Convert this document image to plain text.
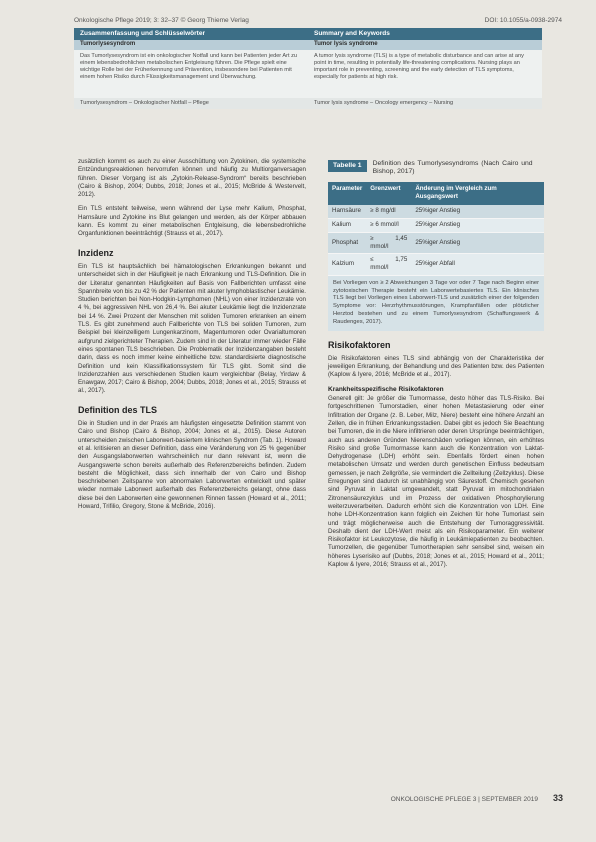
Onkologische Pflege 2019; 3: 32–37 © Georg Thieme Verlag	DOI: 10.1055/a-0938-2974
Zusammenfassung und Schlüsselwörter	Summary and Keywords
Tumorlysesyndrom	Tumor lysis syndrome
Das Tumorlysesyndrom ist ein onkologischer Notfall und kann bei Patienten jeder Art zu einem lebensbedrohlichen metabolischen Entgleisung führen. Die Pflege spielt eine wichtige Rolle bei der Früherkennung und Prävention, insbesondere bei Patienten mit einem hohen Risiko durch Flüssigkeitsmanagement und Überwachung.
A tumor lysis syndrome (TLS) is a type of metabolic disturbance and can arise at any point in time, resulting in potentially life-threatening complications. Nursing plays an important role in preventing, screening and the early detection of TLS symptoms, especially for patients at high risk.
Tumorlysesyndrom – Onkologischer Notfall – Pflege	Tumor lysis syndrome – Oncology emergency – Nursing

zusätzlich kommt es auch zu einer Ausschüttung von Zytokinen, die systemische Entzündungsreaktionen hervorrufen können und häufig zu Multiorganversagen führen. Dieser Vorgang ist als „Zytokin-Release-Syndrom“ bereits beschrieben (Cairo & Bishop, 2004; Dubbs, 2018; Jones et al., 2015; McBride & Westervelt, 2012).

Ein TLS entsteht teilweise, wenn während der Lyse mehr Kalium, Phosphat, Harnsäure und Zytokine ins Blut gelangen und werden, als der Körper abbauen kann. Es kommt zu einer metabolischen Entgleisung, die lebensbedrohliche Organfunktionen beeinträchtigt (Strauss et al., 2017).

Inzidenz

Ein TLS ist hauptsächlich bei hämatologischen Erkrankungen bekannt und unterscheidet sich in der Häufigkeit je nach Erkrankung und TLS-Definition. Die in der Literatur genannten Häufigkeiten auf Basis von Fallberichten umfasst eine Spannbreite von bis zu 42 % der Patienten mit akuter lymphoblastischer Leukämie. Studien berichten bei Non-Hodgkin-Lymphomen (NHL) von einer Inzidenzrate von 4 %, bei aggressiven NHL von 26,4 %. Bei akuter Leukämie liegt die Inzidenzrate bei 14 %. Zwei Prozent der Menschen mit soliden Tumoren erkranken an einem TLS. Es gibt zunehmend auch Fallberichte von TLS bei soliden Tumoren, zum Beispiel bei kleinzelligem Lungenkarzinom, Magentumoren oder Ovarialtumoren aufgrund zielgerichteter Therapien. Zudem sind in der Literatur immer wieder Fälle eines spontanen TLS beschrieben. Die Problematik der Inzidenzangaben besteht darin, dass es noch immer keine einheitliche bzw. standardisierte diagnostische Definition und kein Klassifikationssystem für TLS gibt. Somit sind die Inzidenzzahlen aus verschiedenen Studien kaum vergleichbar (Belay, Yirdaw & Enawgaw, 2017; Cairo & Bishop, 2004; Dubbs, 2018; Jones et al., 2015; Strauss et al., 2017).

Definition des TLS

Die in Studien und in der Praxis am häufigsten eingesetzte Definition stammt von Cairo und Bishop (Cairo & Bishop, 2004; Jones et al., 2015). Diese Autoren unterscheiden zwischen Laborwert-basiertem klinischen Syndrom (Tab. 1). Howard et al. kritisieren an dieser Definition, dass eine Veränderung von 25 % gegenüber den Ausgangslaborwerten wahrscheinlich nur dann relevant ist, wenn die Ausgangswerte schon bereits außerhalb des Referenzbereichs befinden. Zudem besteht die Möglichkeit, dass sich innerhalb der von Cairo und Bishop beschriebenen Zeitspanne von abnormalen Laborwerten entwickelt und später wieder normale Laborwert außerhalb des Referenzbereichs gelangt, ohne dass diese bei den Laborwerten eine gewonnenen Rinnen fassen (Howard et al., 2011; Howard, Trifilio, Gregory, Stone & McBride, 2016).

Tabelle 1 Definition des Tumorlysesyndroms (Nach Cairo und Bishop, 2017)
Parameter	Grenzwert	Änderung im Vergleich zum Ausgangswert
Harnsäure	≥ 8 mg/dl	25%iger Anstieg
Kalium	≥ 6 mmol/l	25%iger Anstieg
Phosphat	≥ 1,45 mmol/l	25%iger Anstieg
Kalzium	≤ 1,75 mmol/l	25%iger Abfall
Bei Vorliegen von ≥ 2 Abweichungen 3 Tage vor oder 7 Tage nach Beginn einer zytotoxischen Therapie besteht ein Laborwertebasiertes TLS. Ein klinisches TLS liegt bei Vorliegen eines Laborwert-TLS und zusätzlich einer der folgenden Symptome vor: Herzrhythmusstörungen, Krampfanfällen oder plötzlicher Herztod bestehen und zu einem Tumorlysesyndrom (Schaffungswerk & Raudenges, 2017).
Risikofaktoren

Die Risikofaktoren eines TLS sind abhängig von der Charakteristika der jeweiligen Erkrankung, der Behandlung und des Patienten bzw. des Patienten (Kaplow & Iyere, 2016; McBride et al., 2017).

Krankheitsspezifische Risikofaktoren

Generell gilt: Je größer die Tumormasse, desto höher das TLS-Risiko. Bei fortgeschrittenen Tumorstadien, einer hohen Metastasierung oder einer Infiltration der Organe (z. B. Leber, Milz, Niere) besteht eine höhere Anzahl an Zellen, die in frühen Erkrankungsstadien. Dabei gibt es jedoch Sie Beachtung bei Tumoren, die in die Niere infiltrieren oder deren Ursprünge beeinträchtigen, auch aus anderen Gründen Nierenschäden vorliegen können, ein erhöhtes Risiko sind große Tumormasse kann auch die Konzentration von Laktat-Dehydrogenase (LDH) erhöht sein. Ebenfalls fördert einen hohen metabolischen Umsatz und werden durch genetischen Einfluss bedeutsam gemessen, je nach Zellgröße, sie vermindert die Zellteilung (Zellzyklus). Diese Erregungen sind dadurch ist unabhängig von Säurestoff. Chemisch gesehen sind Pyruvat in Laktat umgewandelt, statt Pyruvat im mitochondrialen Zitronensäurezyklus und im Prozess der oxidativen Phosphorylierung weiterzuverarbeiten. Dadurch erhöht sich die Konzentration von LDH. Eine hohe LDH-Konzentration kann folglich ein Zeichen für hohe Tumorlast sein und trägt möglicherweise auch die Entstehung der Tumoraggressivität. Deshalb dient der LDH-Wert meist als ein Risikoparameter. Ein weiterer Risikofaktor ist Leukozytose, die häufig in Leukämiepatienten zu beobachten. Tumorzellen, die gegenüber Tumortherapien sehr sensibel sind, weisen ein höheres Lyserisiko auf (Dubbs, 2018; Jones et al., 2015; Howard et al., 2011; Kaplow & Iyere, 2016; Strauss et al., 2017).

ONKOLOGISCHE PFLEGE 3 | SEPTEMBER 2019 33
